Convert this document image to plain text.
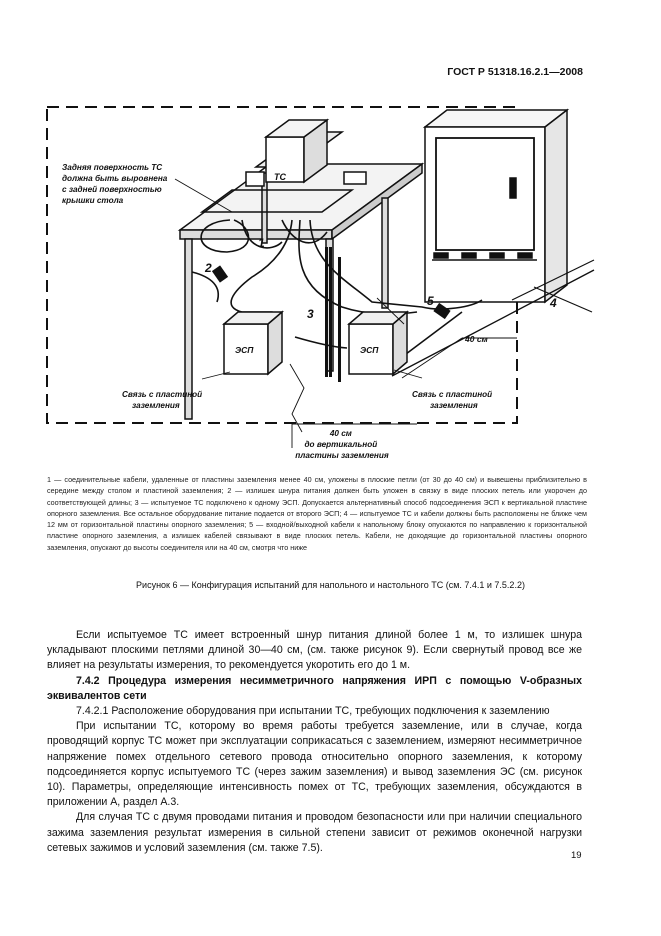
ГОСТ Р 51318.16.2.1—2008
ТС
ЭСП	ЭСП
Задняя поверхность ТС должна быть выровнена с задней поверхностью крышки стола
1
2
3
4
5
40 см
Связь с пластиной заземления
Связь с пластиной заземления
40 см до вертикальной пластины заземления

1 — соединительные кабели, удаленные от пластины заземления менее 40 см, уложены в плоские петли (от 30 до 40 см) и вывешены приблизительно в середине между столом и пластиной заземления; 2 — излишек шнура питания должен быть уложен в связку в виде плоских петель или укорочен до соответствующей длины; 3 — испытуемое ТС подключено к одному ЭСП. Допускается альтернативный способ подсоединения ЭСП к вертикальной пластине опорного заземления. Все остальное оборудование питание подается от второго ЭСП; 4 — испытуемое ТС и кабели должны быть расположены не ближе чем 12 мм от горизонтальной пластины опорного заземления; 5 — входной/выходной кабели к напольному блоку опускаются по направлению к горизонтальной пластине опорного заземления, а излишек кабелей связывают в виде плоских петель. Кабели, не доходящие до горизонтальной пластины опорного заземления, опускают до высоты соединителя или на 40 см, смотря что ниже

Рисунок 6 — Конфигурация испытаний для напольного и настольного ТС (см. 7.4.1 и 7.5.2.2)

Если испытуемое ТС имеет встроенный шнур питания длиной более 1 м, то излишек шнура укладывают плоскими петлями длиной 30—40 см, (см. также рисунок 9). Если свернутый провод все же влияет на результаты измерения, то рекомендуется укоротить его до 1 м.

7.4.2 Процедура измерения несимметричного напряжения ИРП с помощью V-образных эквивалентов сети

7.4.2.1 Расположение оборудования при испытании ТС, требующих подключения к заземлению

При испытании ТС, которому во время работы требуется заземление, или в случае, когда проводящий корпус ТС может при эксплуатации соприкасаться с заземлением, измеряют несимметричное напряжение помех отдельного сетевого провода относительно опорного заземления, к которому подсоединяется корпус испытуемого ТС (через зажим заземления) и вывод заземления ЭС (см. рисунок 10). Параметры, определяющие интенсивность помех от ТС, требующих заземления, обсуждаются в приложении А, раздел А.3.

Для случая ТС с двумя проводами питания и проводом безопасности или при наличии специального зажима заземления результат измерения в сильной степени зависит от режимов оконечной нагрузки сетевых зажимов и условий заземления (см. также 7.5).

19
